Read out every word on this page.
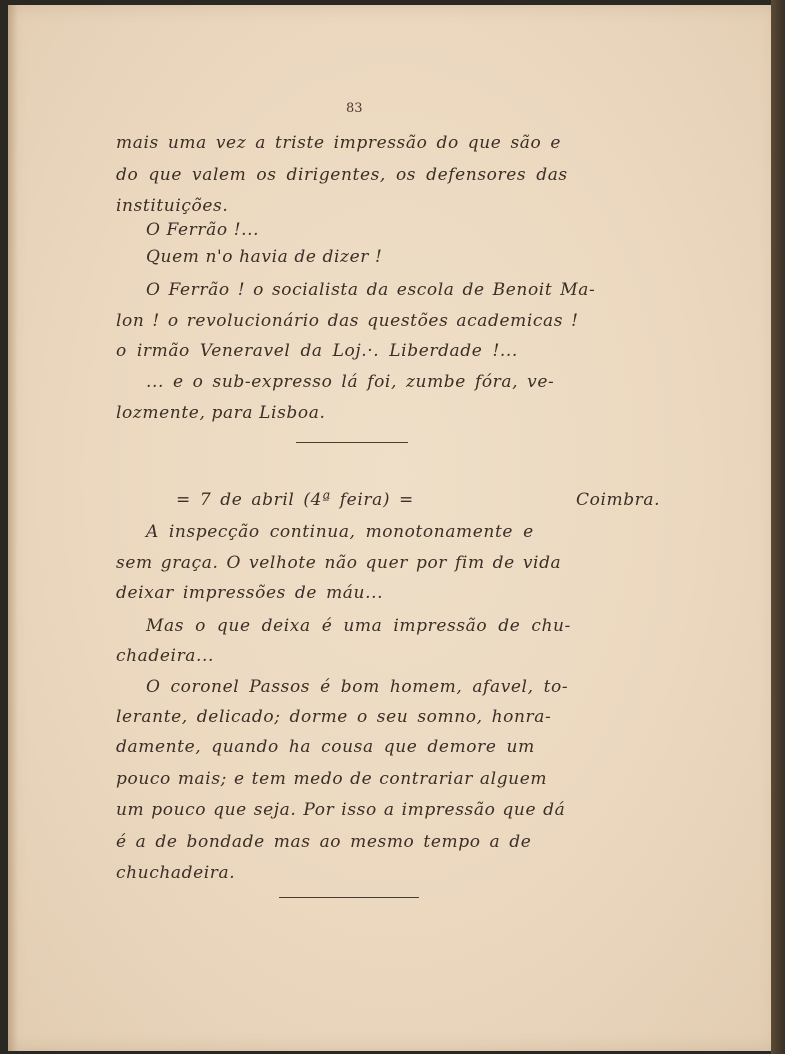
83
mais uma vez a triste impressão do que são e
do que valem os dirigentes, os defensores das
instituições.
O Ferrão !...
Quem n'o havia de dizer !
O Ferrão ! o socialista da escola de Benoit Ma-
lon ! o revolucionário das questões academicas !
o irmão Veneravel da Loj.·. Liberdade !...
... e o sub-expresso lá foi, zumbe fóra, ve-
lozmente, para Lisboa.
= 7 de abril (4ª feira) =	Coimbra.
A inspecção continua, monotonamente e
sem graça. O velhote não quer por fim de vida
deixar impressões de máu...
Mas o que deixa é uma impressão de chu-
chadeira...
O coronel Passos é bom homem, afavel, to-
lerante, delicado; dorme o seu somno, honra-
damente, quando ha cousa que demore um
pouco mais; e tem medo de contrariar alguem
um pouco que seja. Por isso a impressão que dá
é a de bondade mas ao mesmo tempo a de
chuchadeira.
